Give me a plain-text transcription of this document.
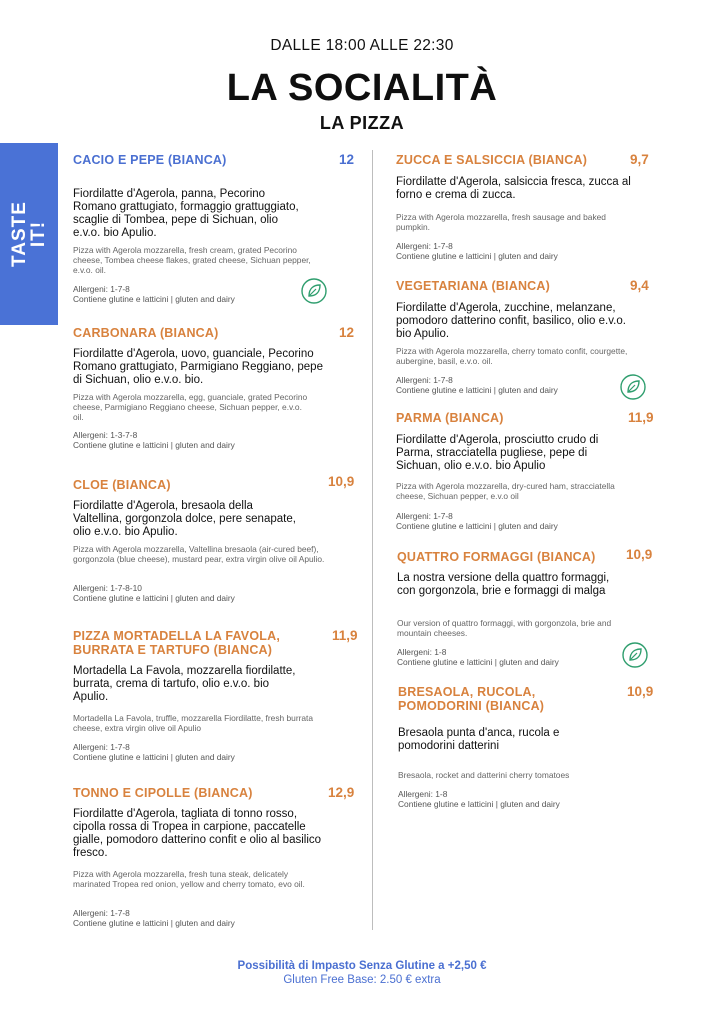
DALLE 18:00 ALLE 22:30
LA SOCIALITÀ
LA PIZZA
TASTE
IT!
CACIO E PEPE (BIANCA)	12
Fiordilatte d'Agerola, panna, Pecorino Romano grattugiato, formaggio grattuggiato, scaglie di Tombea, pepe di Sichuan, olio e.v.o. bio Apulio.
Pizza with Agerola mozzarella, fresh cream, grated Pecorino cheese, Tombea cheese flakes, grated cheese, Sichuan pepper, e.v.o. oil.
Allergeni: 1-7-8
Contiene glutine e latticini | gluten and dairy
CARBONARA (BIANCA)	12
Fiordilatte d'Agerola, uovo, guanciale, Pecorino Romano grattugiato, Parmigiano Reggiano, pepe di Sichuan, olio e.v.o. bio.
Pizza with Agerola mozzarella, egg, guanciale, grated Pecorino cheese, Parmigiano Reggiano cheese, Sichuan pepper, e.v.o. oil.
Allergeni: 1-3-7-8
Contiene glutine e latticini | gluten and dairy
CLOE (BIANCA)	10,9
Fiordilatte d'Agerola, bresaola della Valtellina, gorgonzola dolce, pere senapate, olio e.v.o. bio Apulio.
Pizza with Agerola mozzarella, Valtellina bresaola (air-cured beef), gorgonzola (blue cheese), mustard pear, extra virgin olive oil Apulio.
Allergeni: 1-7-8-10
Contiene glutine e latticini | gluten and dairy
PIZZA MORTADELLA LA FAVOLA, BURRATA E TARTUFO (BIANCA)
11,9
Mortadella La Favola, mozzarella fiordilatte, burrata, crema di tartufo, olio e.v.o. bio Apulio.
Mortadella La Favola, truffle, mozzarella Fiordilatte, fresh burrata cheese, extra virgin olive oil Apulio
Allergeni: 1-7-8
Contiene glutine e latticini | gluten and dairy
TONNO E CIPOLLE (BIANCA)	12,9
Fiordilatte d'Agerola, tagliata di tonno rosso, cipolla rossa di Tropea in carpione, paccatelle gialle, pomodoro datterino confit e olio al basilico fresco.
Pizza with Agerola mozzarella, fresh tuna steak, delicately marinated Tropea red onion, yellow and cherry tomato, evo oil.
Allergeni: 1-7-8
Contiene glutine e latticini | gluten and dairy
ZUCCA E SALSICCIA (BIANCA)	9,7
Fiordilatte d'Agerola, salsiccia fresca, zucca al forno e crema di zucca.
Pizza with Agerola mozzarella, fresh sausage and baked pumpkin.
Allergeni: 1-7-8
Contiene glutine e latticini | gluten and dairy
VEGETARIANA (BIANCA)	9,4
Fiordilatte d'Agerola, zucchine, melanzane, pomodoro datterino confit, basilico, olio e.v.o. bio Apulio.
Pizza with Agerola mozzarella, cherry tomato confit, courgette, aubergine, basil, e.v.o. oil.
Allergeni: 1-7-8
Contiene glutine e latticini | gluten and dairy
PARMA (BIANCA)	11,9
Fiordilatte d'Agerola, prosciutto crudo di Parma, stracciatella pugliese, pepe di Sichuan, olio e.v.o. bio Apulio
Pizza with Agerola mozzarella, dry-cured ham, stracciatella cheese, Sichuan pepper, e.v.o oil
Allergeni: 1-7-8
Contiene glutine e latticini | gluten and dairy
QUATTRO FORMAGGI (BIANCA)	10,9
La nostra versione della quattro formaggi, con gorgonzola, brie e formaggi di malga
Our version of quattro formaggi, with gorgonzola, brie and mountain cheeses.
Allergeni: 1-8
Contiene glutine e latticini | gluten and dairy
BRESAOLA, RUCOLA, POMODORINI (BIANCA)
10,9
Bresaola punta d'anca, rucola e pomodorini datterini
Bresaola, rocket and datterini cherry tomatoes
Allergeni: 1-8
Contiene glutine e latticini | gluten and dairy
Possibilità di Impasto Senza Glutine a +2,50 €
Gluten Free Base: 2.50 € extra
